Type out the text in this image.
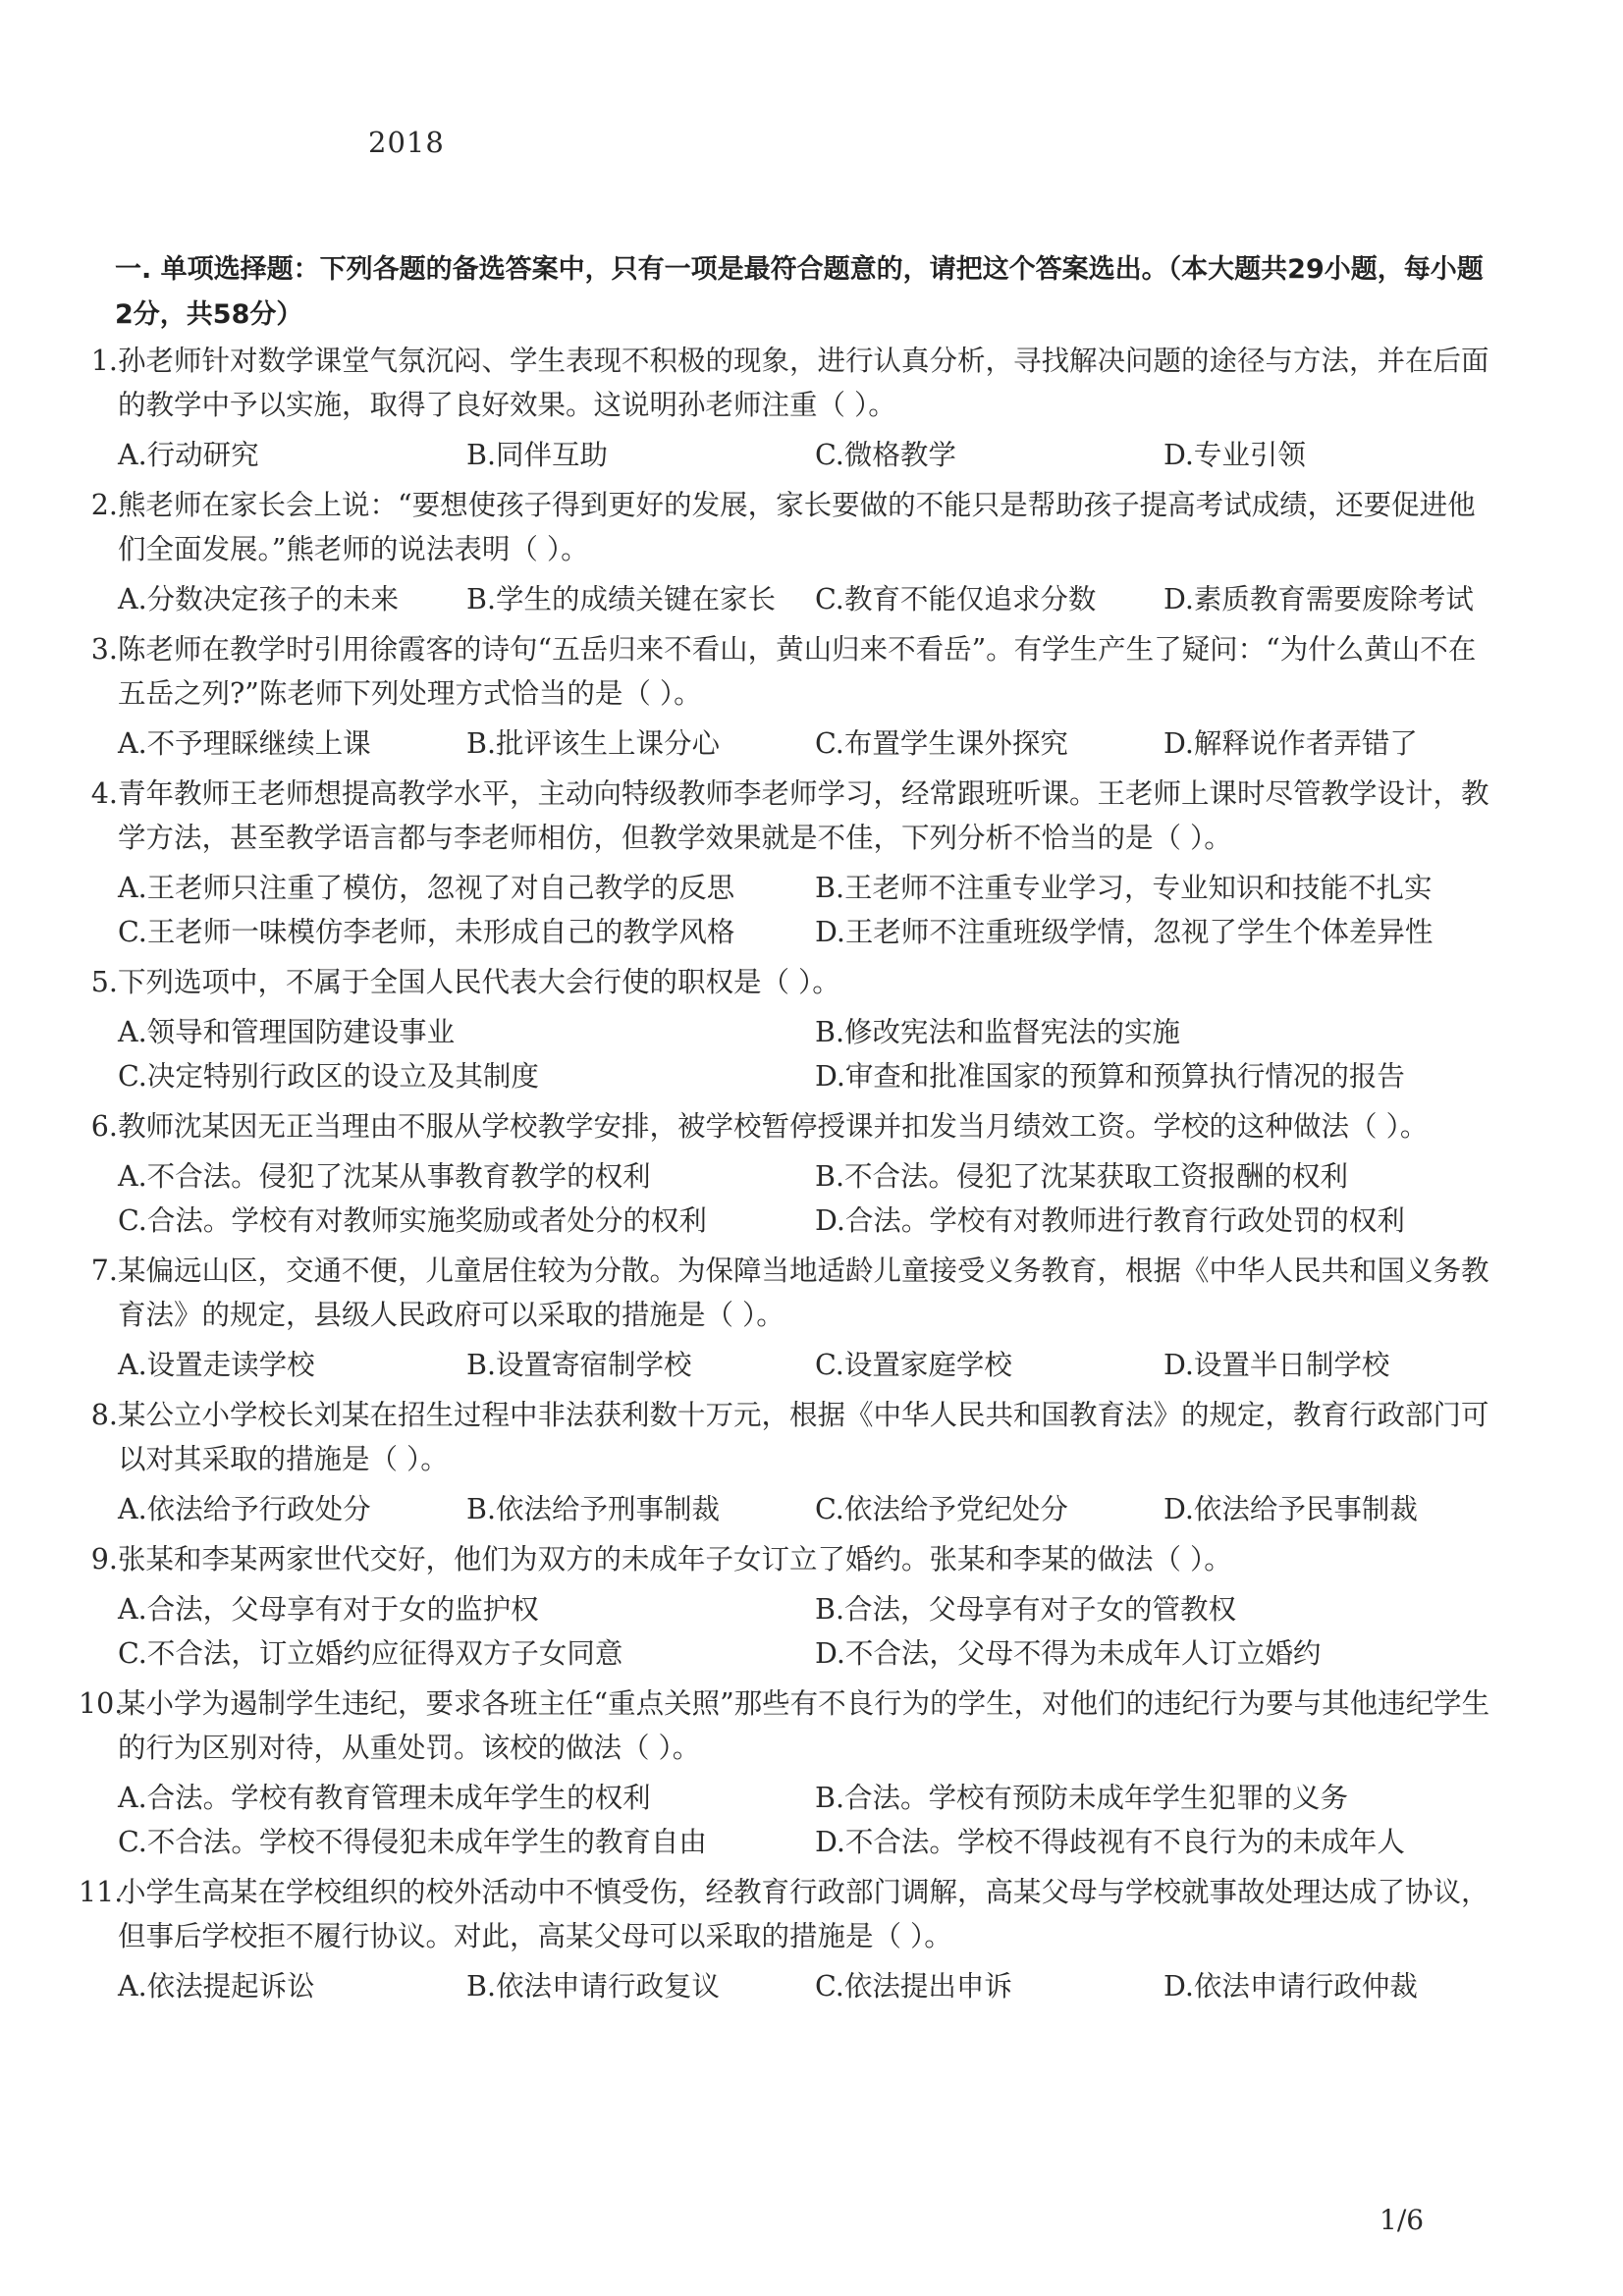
2018
一. 单项选择题：下列各题的备选答案中，只有一项是最符合题意的，请把这个答案选出。（本大题共29小题，每小题2分，共58分）
1. 孙老师针对数学课堂气氛沉闷、学生表现不积极的现象，进行认真分析，寻找解决问题的途径与方法，并在后面的教学中予以实施，取得了良好效果。这说明孙老师注重（ ）。
A.行动研究	B.同伴互助	C.微格教学	D.专业引领
2. 熊老师在家长会上说：“要想使孩子得到更好的发展，家长要做的不能只是帮助孩子提高考试成绩，还要促进他们全面发展。”熊老师的说法表明（ ）。
A.分数决定孩子的未来	B.学生的成绩关键在家长	C.教育不能仅追求分数	D.素质教育需要废除考试
3. 陈老师在教学时引用徐霞客的诗句“五岳归来不看山，黄山归来不看岳”。有学生产生了疑问：“为什么黄山不在五岳之列?”陈老师下列处理方式恰当的是（ ）。
A.不予理睬继续上课	B.批评该生上课分心	C.布置学生课外探究	D.解释说作者弄错了
4. 青年教师王老师想提高教学水平，主动向特级教师李老师学习，经常跟班听课。王老师上课时尽管教学设计，教学方法，甚至教学语言都与李老师相仿，但教学效果就是不佳，下列分析不恰当的是（ ）。
A.王老师只注重了模仿，忽视了对自己教学的反思	B.王老师不注重专业学习，专业知识和技能不扎实
C.王老师一味模仿李老师，未形成自己的教学风格	D.王老师不注重班级学情，忽视了学生个体差异性
5. 下列选项中，不属于全国人民代表大会行使的职权是（ ）。
A.领导和管理国防建设事业	B.修改宪法和监督宪法的实施
C.决定特别行政区的设立及其制度	D.审查和批准国家的预算和预算执行情况的报告
6. 教师沈某因无正当理由不服从学校教学安排，被学校暂停授课并扣发当月绩效工资。学校的这种做法（ ）。
A.不合法。侵犯了沈某从事教育教学的权利	B.不合法。侵犯了沈某获取工资报酬的权利
C.合法。学校有对教师实施奖励或者处分的权利	D.合法。学校有对教师进行教育行政处罚的权利
7. 某偏远山区，交通不便，儿童居住较为分散。为保障当地适龄儿童接受义务教育，根据《中华人民共和国义务教育法》的规定，县级人民政府可以采取的措施是（ ）。
A.设置走读学校	B.设置寄宿制学校	C.设置家庭学校	D.设置半日制学校
8. 某公立小学校长刘某在招生过程中非法获利数十万元，根据《中华人民共和国教育法》的规定，教育行政部门可以对其采取的措施是（ ）。
A.依法给予行政处分	B.依法给予刑事制裁	C.依法给予党纪处分	D.依法给予民事制裁
9. 张某和李某两家世代交好，他们为双方的未成年子女订立了婚约。张某和李某的做法（ ）。
A.合法，父母享有对于女的监护权	B.合法，父母享有对子女的管教权
C.不合法，订立婚约应征得双方子女同意	D.不合法，父母不得为未成年人订立婚约
10.
某小学为遏制学生违纪，要求各班主任“重点关照”那些有不良行为的学生，对他们的违纪行为要与其他违纪学生的行为区别对待，从重处罚。该校的做法（ ）。
A.合法。学校有教育管理未成年学生的权利	B.合法。学校有预防未成年学生犯罪的义务
C.不合法。学校不得侵犯未成年学生的教育自由	D.不合法。学校不得歧视有不良行为的未成年人
11.
小学生高某在学校组织的校外活动中不慎受伤，经教育行政部门调解，高某父母与学校就事故处理达成了协议，但事后学校拒不履行协议。对此，高某父母可以采取的措施是（ ）。
A.依法提起诉讼	B.依法申请行政复议	C.依法提出申诉	D.依法申请行政仲裁
1/6
